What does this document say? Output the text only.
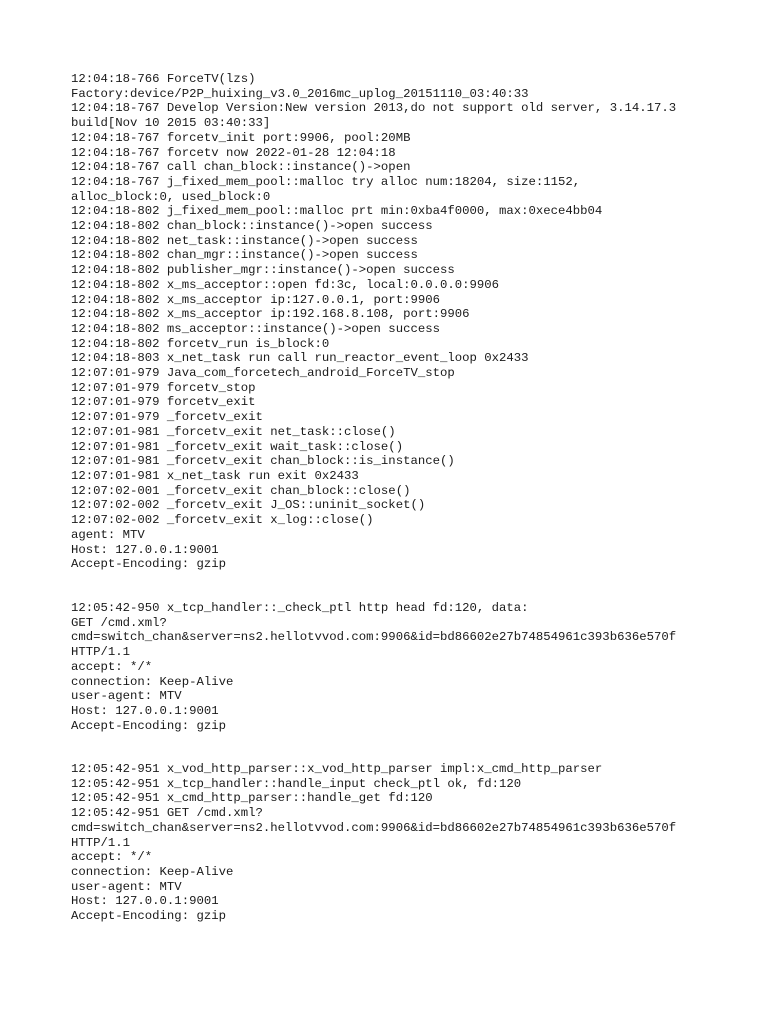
12:04:18-766 ForceTV(lzs)
Factory:device/P2P_huixing_v3.0_2016mc_uplog_20151110_03:40:33
12:04:18-767 Develop Version:New version 2013,do not support old server, 3.14.17.3
build[Nov 10 2015 03:40:33]
12:04:18-767 forcetv_init port:9906, pool:20MB
12:04:18-767 forcetv now 2022-01-28 12:04:18
12:04:18-767 call chan_block::instance()->open
12:04:18-767 j_fixed_mem_pool::malloc try alloc num:18204, size:1152,
alloc_block:0, used_block:0
12:04:18-802 j_fixed_mem_pool::malloc prt min:0xba4f0000, max:0xece4bb04
12:04:18-802 chan_block::instance()->open success
12:04:18-802 net_task::instance()->open success
12:04:18-802 chan_mgr::instance()->open success
12:04:18-802 publisher_mgr::instance()->open success
12:04:18-802 x_ms_acceptor::open fd:3c, local:0.0.0.0:9906
12:04:18-802 x_ms_acceptor ip:127.0.0.1, port:9906
12:04:18-802 x_ms_acceptor ip:192.168.8.108, port:9906
12:04:18-802 ms_acceptor::instance()->open success
12:04:18-802 forcetv_run is_block:0
12:04:18-803 x_net_task run call run_reactor_event_loop 0x2433
12:07:01-979 Java_com_forcetech_android_ForceTV_stop
12:07:01-979 forcetv_stop
12:07:01-979 forcetv_exit
12:07:01-979 _forcetv_exit
12:07:01-981 _forcetv_exit net_task::close()
12:07:01-981 _forcetv_exit wait_task::close()
12:07:01-981 _forcetv_exit chan_block::is_instance()
12:07:01-981 x_net_task run exit 0x2433
12:07:02-001 _forcetv_exit chan_block::close()
12:07:02-002 _forcetv_exit J_OS::uninit_socket()
12:07:02-002 _forcetv_exit x_log::close()
agent: MTV
Host: 127.0.0.1:9001
Accept-Encoding: gzip
12:05:42-950 x_tcp_handler::_check_ptl http head fd:120, data:
GET /cmd.xml?
cmd=switch_chan&server=ns2.hellotvvod.com:9906&id=bd86602e27b74854961c393b636e570f
HTTP/1.1
accept: */*
connection: Keep-Alive
user-agent: MTV
Host: 127.0.0.1:9001
Accept-Encoding: gzip
12:05:42-951 x_vod_http_parser::x_vod_http_parser impl:x_cmd_http_parser
12:05:42-951 x_tcp_handler::handle_input check_ptl ok, fd:120
12:05:42-951 x_cmd_http_parser::handle_get fd:120
12:05:42-951 GET /cmd.xml?
cmd=switch_chan&server=ns2.hellotvvod.com:9906&id=bd86602e27b74854961c393b636e570f
HTTP/1.1
accept: */*
connection: Keep-Alive
user-agent: MTV
Host: 127.0.0.1:9001
Accept-Encoding: gzip
